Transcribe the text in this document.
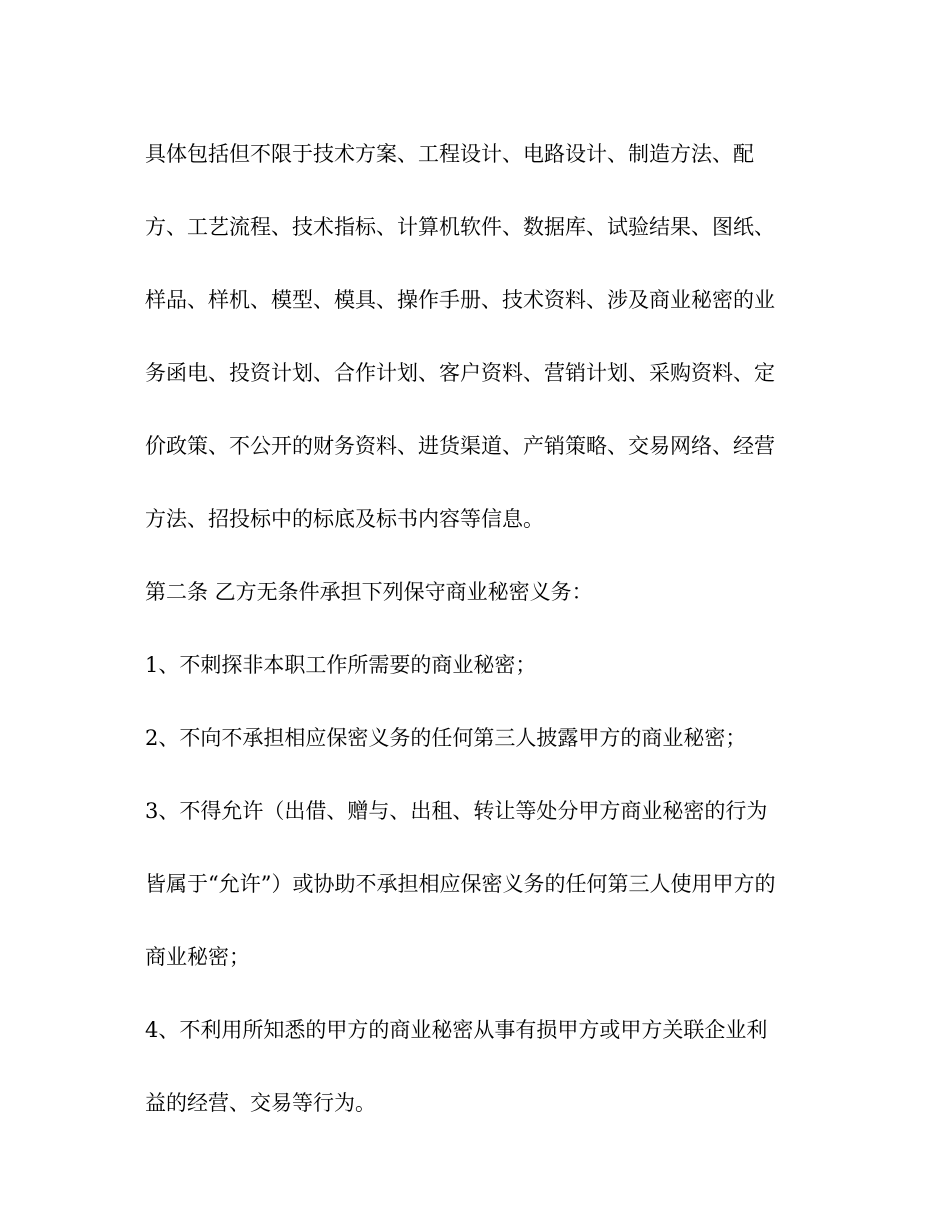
具体包括但不限于技术方案、工程设计、电路设计、制造方法、配
方、工艺流程、技术指标、计算机软件、数据库、试验结果、图纸、
样品、样机、模型、模具、操作手册、技术资料、涉及商业秘密的业
务函电、投资计划、合作计划、客户资料、营销计划、采购资料、定
价政策、不公开的财务资料、进货渠道、产销策略、交易网络、经营
方法、招投标中的标底及标书内容等信息。
第二条 乙方无条件承担下列保守商业秘密义务：
1、不刺探非本职工作所需要的商业秘密；
2、不向不承担相应保密义务的任何第三人披露甲方的商业秘密；
3、不得允许（出借、赠与、出租、转让等处分甲方商业秘密的行为
皆属于“允许”）或协助不承担相应保密义务的任何第三人使用甲方的
商业秘密；
4、不利用所知悉的甲方的商业秘密从事有损甲方或甲方关联企业利
益的经营、交易等行为。
